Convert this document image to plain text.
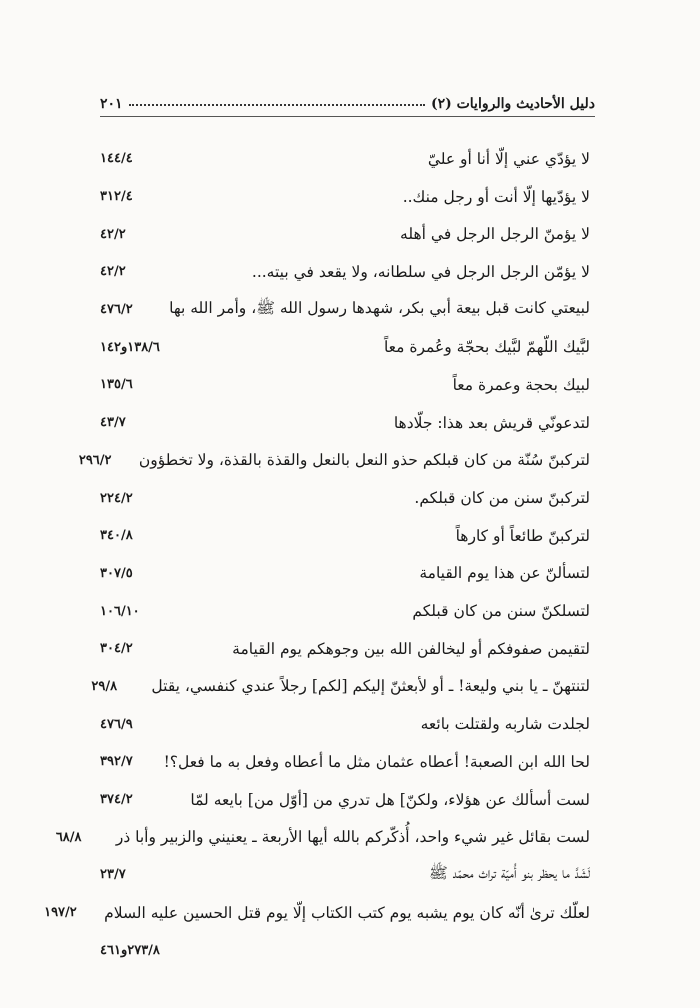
دليل الأحاديث والروايات (٢)
٢٠١
لا يؤدّي عني إلّا أنا أو عليّ
١٤٤/٤
لا يؤدّيها إلّا أنت أو رجل منك..
٣١٢/٤
لا يؤمنّ الرجل الرجل في أهله
٤٢/٢
لا يؤمّن الرجل الرجل في سلطانه، ولا يقعد في بيته...
٤٢/٢
لبيعتي كانت قبل بيعة أبي بكر، شهدها رسول الله ﷺ، وأمر الله بها
٤٧٦/٢
لبَّيك اللّهمّ لبَّيك بحجّة وعُمرة معاً
١٣٨/٦و١٤٢
لبيك بحجة وعمرة معاً
١٣٥/٦
لتدعونّي قريش بعد هذا: جلّادها
٤٣/٧
لتركبنّ سُنّة من كان قبلكم حذو النعل بالنعل والقذة بالقذة، ولا تخطؤون
٢٩٦/٢
لتركبنّ سنن من كان قبلكم.
٢٢٤/٢
لتركبنّ طائعاً أو كارهاً
٣٤٠/٨
لتسألنّ عن هذا يوم القيامة
٣٠٧/٥
لتسلكنّ سنن من كان قبلكم
١٠٦/١٠
لتقيمن صفوفكم أو ليخالفن الله بين وجوهكم يوم القيامة
٣٠٤/٢
لتنتهنّ ـ يا بني وليعة! ـ أو لأبعثنّ إليكم [لكم] رجلاً عندي كنفسي، يقتل
٢٩/٨
لجلدت شاربه ولقتلت بائعه
٤٧٦/٩
لحا الله ابن الصعبة! أعطاه عثمان مثل ما أعطاه وفعل به ما فعل؟!
٣٩٢/٧
لست أسألك عن هؤلاء، ولكنّ] هل تدري من [أوّل من] بايعه لمّا
٣٧٤/٢
لست بقائل غير شيء واحد، أُذكّركم بالله أيها الأربعة ـ يعنيني والزبير وأبا ذر
٦٨/٨
لَشَدَّ ما يحظر بنو أُميّة تراث محمّد ﷺ
٢٣/٧
لعلّك ترىٰ أنّه كان يوم يشبه يوم كتب الكتاب إلّا يوم قتل الحسين عليه السلام
١٩٧/٢
٢٧٣/٨و٤٦١
